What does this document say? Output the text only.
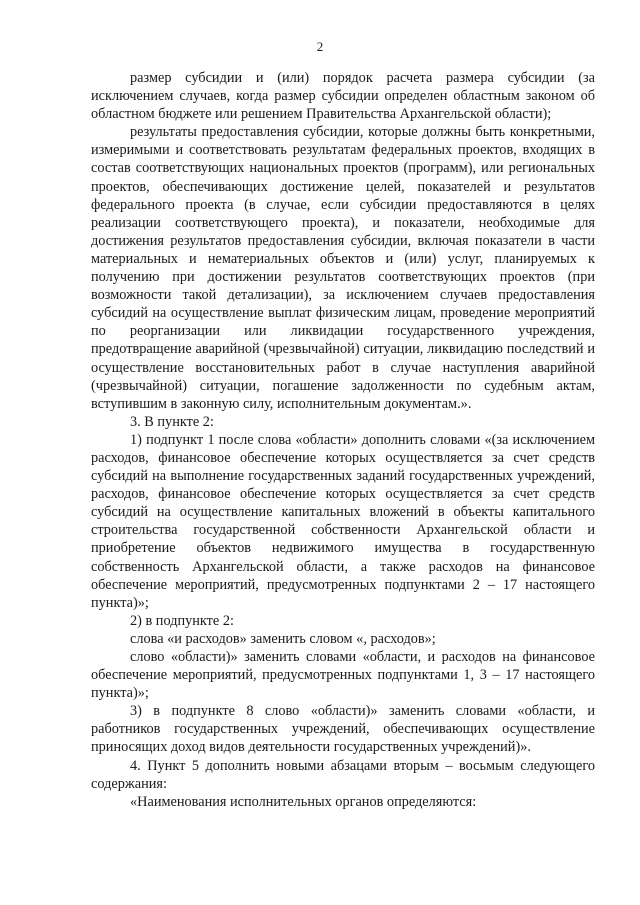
2

размер субсидии и (или) порядок расчета размера субсидии (за исключением случаев, когда размер субсидии определен областным законом об областном бюджете или решением Правительства Архангельской области);

результаты предоставления субсидии, которые должны быть конкретными, измеримыми и соответствовать результатам федеральных проектов, входящих в состав соответствующих национальных проектов (программ), или региональных проектов, обеспечивающих достижение целей, показателей и результатов федерального проекта (в случае, если субсидии предоставляются в целях реализации соответствующего проекта), и показатели, необходимые для достижения результатов предоставления субсидии, включая показатели в части материальных и нематериальных объектов и (или) услуг, планируемых к получению при достижении результатов соответствующих проектов (при возможности такой детализации), за исключением случаев предоставления субсидий на осуществление выплат физическим лицам, проведение мероприятий по реорганизации или ликвидации государственного учреждения, предотвращение аварийной (чрезвычайной) ситуации, ликвидацию последствий и осуществление восстановительных работ в случае наступления аварийной (чрезвычайной) ситуации, погашение задолженности по судебным актам, вступившим в законную силу, исполнительным документам.».

3. В пункте 2:

1) подпункт 1 после слова «области» дополнить словами «(за исключением расходов, финансовое обеспечение которых осуществляется за счет средств субсидий на выполнение государственных заданий государственных учреждений, расходов, финансовое обеспечение которых осуществляется за счет средств субсидий на осуществление капитальных вложений в объекты капитального строительства государственной собственности Архангельской области и приобретение объектов недвижимого имущества в государственную собственность Архангельской области, а также расходов на финансовое обеспечение мероприятий, предусмотренных подпунктами 2 – 17 настоящего пункта)»;

2) в подпункте 2:

слова «и расходов» заменить словом «, расходов»;

слово «области)» заменить словами «области, и расходов на финансовое обеспечение мероприятий, предусмотренных подпунктами 1, 3 – 17 настоящего пункта)»;

3) в подпункте 8 слово «области)» заменить словами «области, и работников государственных учреждений, обеспечивающих осуществление приносящих доход видов деятельности государственных учреждений)».

4. Пункт 5 дополнить новыми абзацами вторым – восьмым следующего содержания:

«Наименования исполнительных органов определяются:
